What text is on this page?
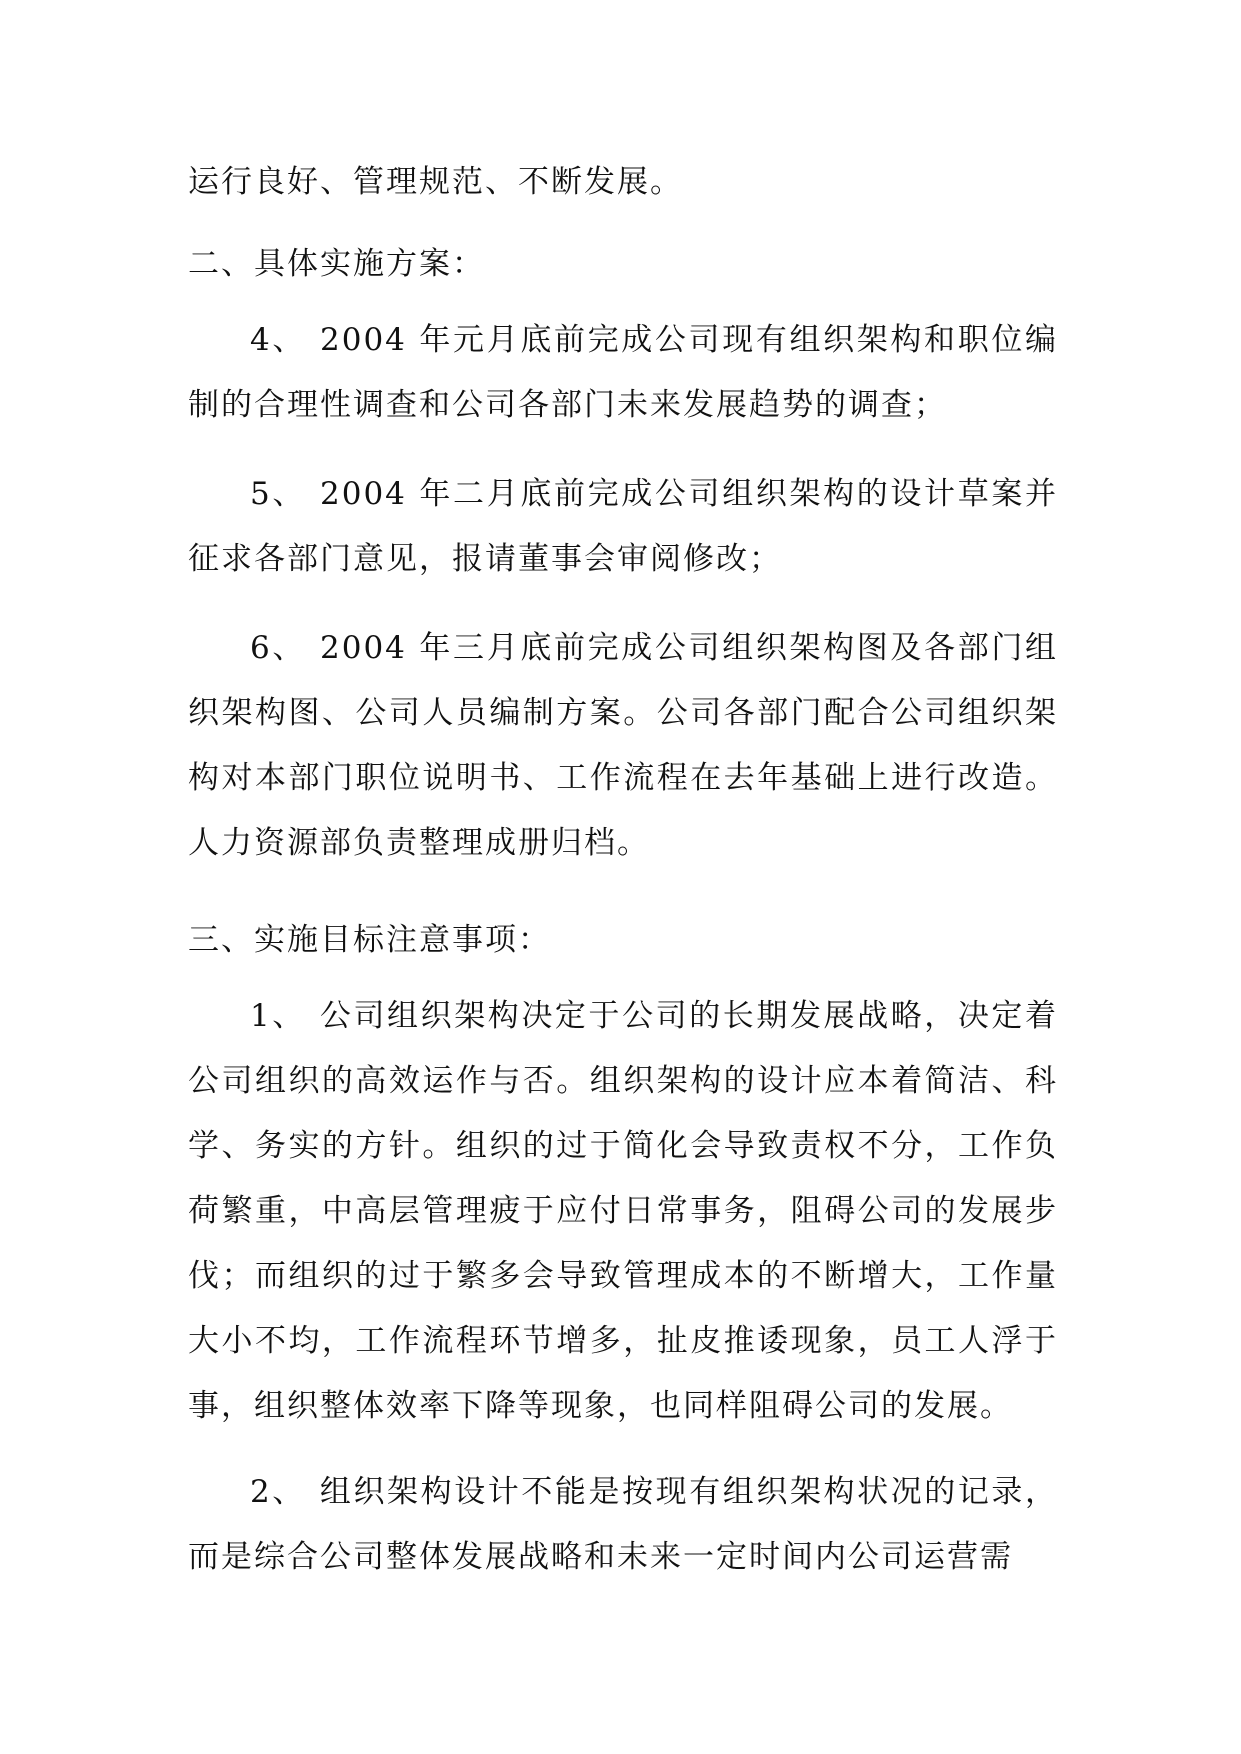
运行良好、管理规范、不断发展。

二、具体实施方案：

4、 2004 年元月底前完成公司现有组织架构和职位编制的合理性调查和公司各部门未来发展趋势的调查；

5、 2004 年二月底前完成公司组织架构的设计草案并征求各部门意见，报请董事会审阅修改；

6、 2004 年三月底前完成公司组织架构图及各部门组织架构图、公司人员编制方案。公司各部门配合公司组织架构对本部门职位说明书、工作流程在去年基础上进行改造。人力资源部负责整理成册归档。

三、实施目标注意事项：

1、 公司组织架构决定于公司的长期发展战略，决定着公司组织的高效运作与否。组织架构的设计应本着简洁、科学、务实的方针。组织的过于简化会导致责权不分，工作负荷繁重，中高层管理疲于应付日常事务，阻碍公司的发展步伐；而组织的过于繁多会导致管理成本的不断增大，工作量大小不均，工作流程环节增多，扯皮推诿现象，员工人浮于事，组织整体效率下降等现象，也同样阻碍公司的发展。

2、 组织架构设计不能是按现有组织架构状况的记录，而是综合公司整体发展战略和未来一定时间内公司运营需
